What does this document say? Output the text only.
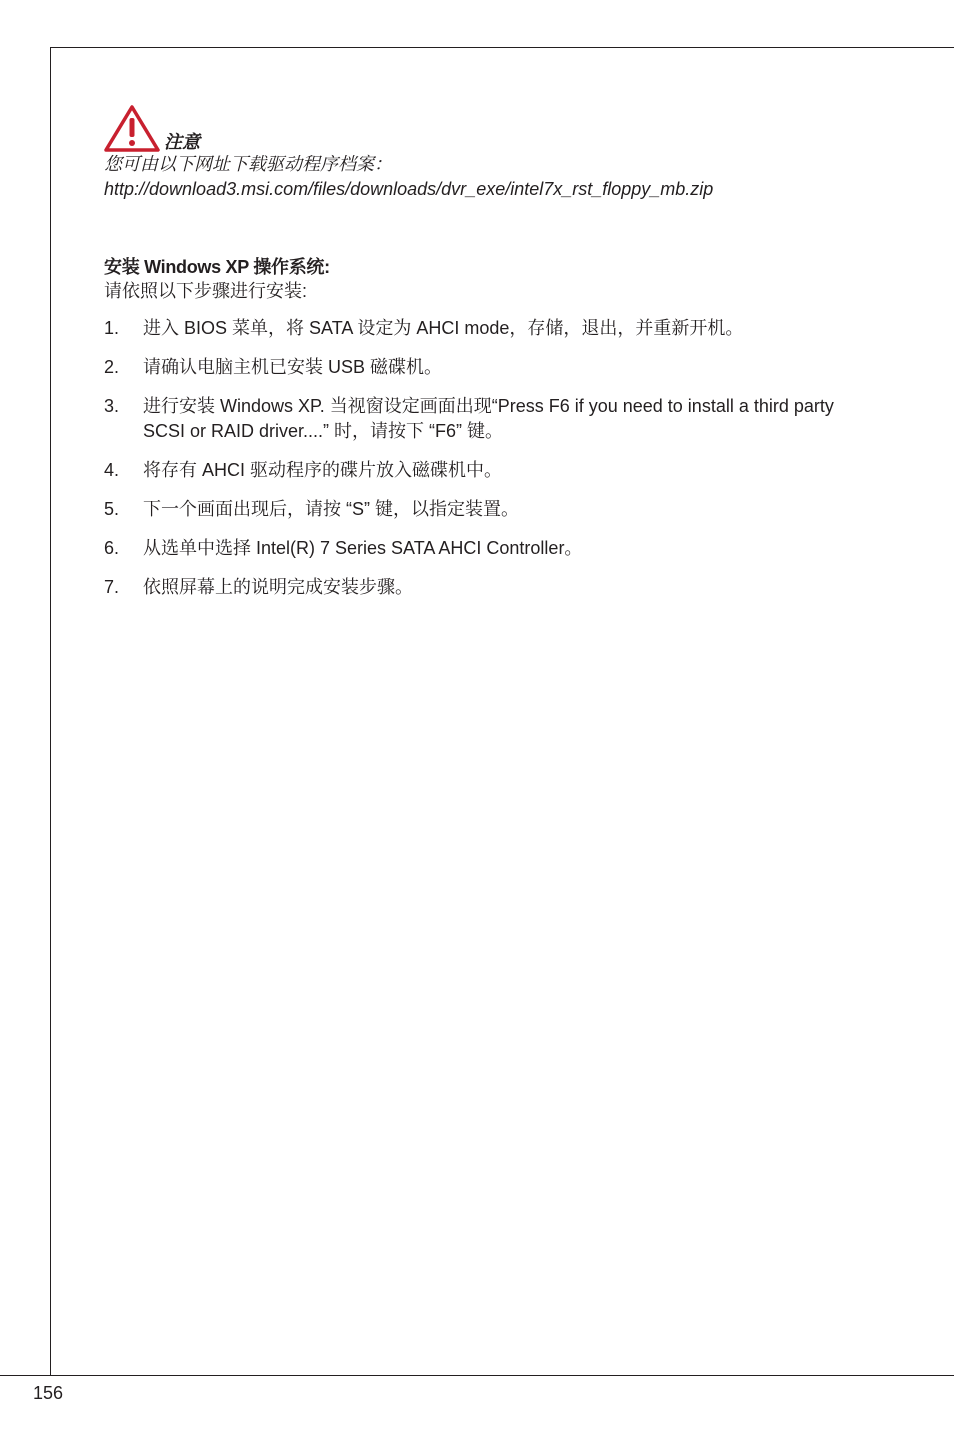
注意
您可由以下网址下载驱动程序档案：
http://download3.msi.com/files/downloads/dvr_exe/intel7x_rst_floppy_mb.zip
安装 Windows XP 操作系统:
请依照以下步骤进行安装:
1.	进入 BIOS 菜单，将 SATA 设定为 AHCI mode，存储，退出，并重新开机。
2.	请确认电脑主机已安装 USB 磁碟机。
3.	进行安装 Windows XP. 当视窗设定画面出现“Press F6 if you need to install a third party SCSI or RAID driver....” 时，请按下 “F6” 键。
4.	将存有 AHCI 驱动程序的碟片放入磁碟机中。
5.	下一个画面出现后，请按 “S” 键，以指定装置。
6.	从选单中选择 Intel(R) 7 Series SATA AHCI Controller。
7.	依照屏幕上的说明完成安装步骤。
156
